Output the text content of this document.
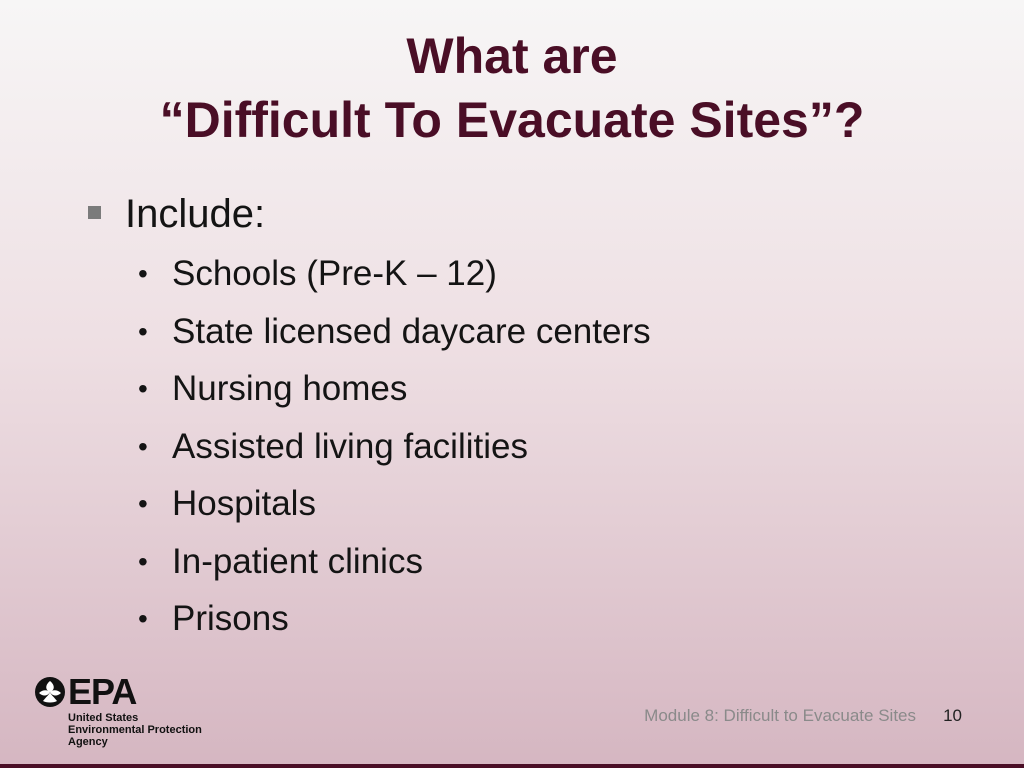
What are
“Difficult To Evacuate Sites”?
Include:
• Schools (Pre-K – 12)
• State licensed daycare centers
• Nursing homes
• Assisted living facilities
• Hospitals
• In-patient clinics
• Prisons
EPA
United States
Environmental Protection
Agency
Module 8: Difficult to Evacuate Sites 10
